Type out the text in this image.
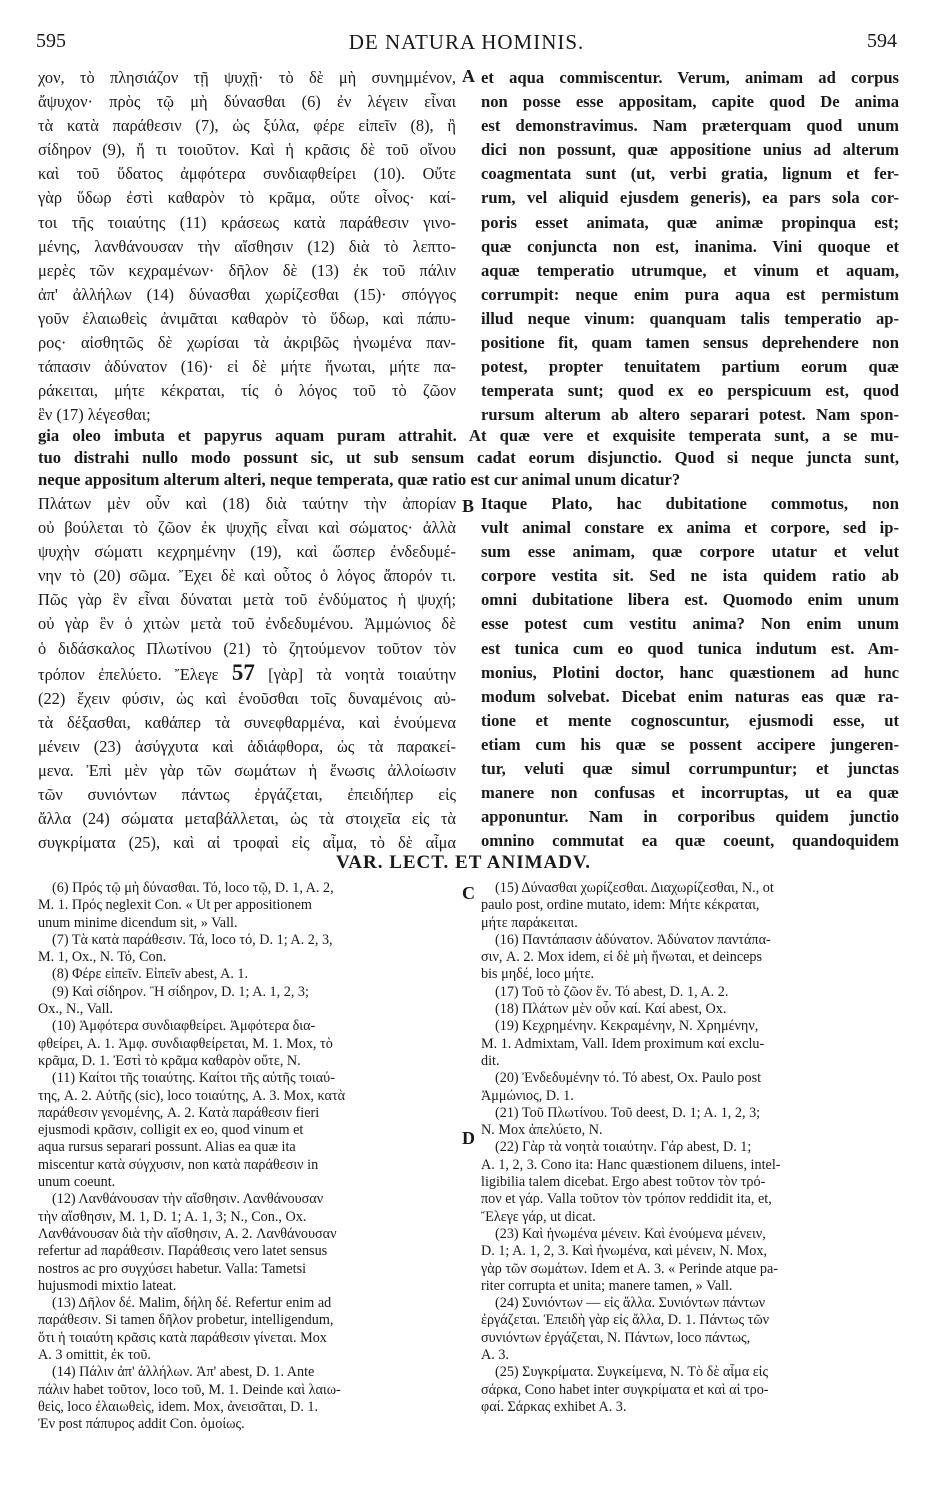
595	DE NATURA HOMINIS.	594
χον, τὸ πλησιάζον τῇ ψυχῇ· τὸ δὲ μὴ συνημμένον,
ἄψυχον· πρὸς τῷ μὴ δύνασθαι (6) ἐν λέγειν εἶναι
τὰ κατὰ παράθεσιν (7), ὡς ξύλα, φέρε εἰπεῖν (8), ἢ
σίδηρον (9), ἤ τι τοιοῦτον. Καὶ ἡ κρᾶσις δὲ τοῦ οἴνου
καὶ τοῦ ὕδατος ἀμφότερα συνδιαφθείρει (10). Οὔτε
γὰρ ὕδωρ ἐστὶ καθαρὸν τὸ κρᾶμα, οὔτε οἶνος· καί-
τοι τῆς τοιαύτης (11) κράσεως κατὰ παράθεσιν γινο-
μένης, λανθάνουσαν τὴν αἴσθησιν (12) διὰ τὸ λεπτο-
μερὲς τῶν κεχραμένων· δῆλον δὲ (13) ἐκ τοῦ πάλιν
ἀπ' ἀλλήλων (14) δύνασθαι χωρίζεσθαι (15)· σπόγγος
γοῦν ἐλαιωθεὶς ἀνιμᾶται καθαρὸν τὸ ὕδωρ, καὶ πάπυ-
ρος· αἰσθητῶς δὲ χωρίσαι τὰ ἀκριβῶς ἡνωμένα παν-
τάπασιν ἀδύνατον (16)· εἰ δὲ μήτε ἥνωται, μήτε πα-
ράκειται, μήτε κέκραται, τίς ὁ λόγος τοῦ τὸ ζῶον
ἓν (17) λέγεσθαι;
A et aqua commiscentur. Verum, animam ad corpus
non posse esse appositam, capite quod De anima
est demonstravimus. Nam præterquam quod unum
dici non possunt, quæ appositione unius ad alterum
coagmentata sunt (ut, verbi gratia, lignum et fer-
rum, vel aliquid ejusdem generis), ea pars sola cor-
poris esset animata, quæ animæ propinqua est;
quæ conjuncta non est, inanima. Vini quoque et
aquæ temperatio utrumque, et vinum et aquam,
corrumpit: neque enim pura aqua est permistum
illud neque vinum: quanquam talis temperatio ap-
positione fit, quam tamen sensus deprehendere non
potest, propter tenuitatem partium eorum quæ
temperata sunt; quod ex eo perspicuum est, quod
rursum alterum ab altero separari potest. Nam spon-
gia oleo imbuta et papyrus aquam puram attrahit. At quæ vere et exquisite temperata sunt, a se mu-
tuo distrahi nullo modo possunt sic, ut sub sensum cadat eorum disjunctio. Quod si neque juncta sunt,
neque appositum alterum alteri, neque temperata, quæ ratio est cur animal unum dicatur?
Πλάτων μὲν οὖν καὶ (18) διὰ ταύτην τὴν ἀπορίαν
οὐ βούλεται τὸ ζῶον ἐκ ψυχῆς εἶναι καὶ σώματος· ἀλλὰ
ψυχὴν σώματι κεχρημένην (19), καὶ ὥσπερ ἐνδεδυμέ-
νην τὸ (20) σῶμα. Ἔχει δὲ καὶ οὗτος ὁ λόγος ἄπορόν τι.
Πῶς γὰρ ἓν εἶναι δύναται μετὰ τοῦ ἐνδύματος ἡ ψυχή;
οὐ γὰρ ἓν ὁ χιτὼν μετὰ τοῦ ἐνδεδυμένου. Ἀμμώνιος δὲ
ὁ διδάσκαλος Πλωτίνου (21) τὸ ζητούμενον τοῦτον τὸν
τρόπον ἐπελύετο. Ἔλεγε 57 [γὰρ] τὰ νοητὰ τοιαύτην
(22) ἔχειν φύσιν, ὡς καὶ ἑνοῦσθαι τοῖς δυναμένοις αὐ-
τὰ δέξασθαι, καθάπερ τὰ συνεφθαρμένα, καὶ ἑνούμενα
μένειν (23) ἀσύγχυτα καὶ ἀδιάφθορα, ὡς τὰ παρακεί-
μενα. Ἐπὶ μὲν γὰρ τῶν σωμάτων ἡ ἕνωσις ἀλλοίωσιν
τῶν συνιόντων πάντως ἐργάζεται, ἐπειδήπερ εἰς
ἄλλα (24) σώματα μεταβάλλεται, ὡς τὰ στοιχεῖα εἰς τὰ
συγκρίματα (25), καὶ αἱ τροφαὶ εἰς αἷμα, τὸ δὲ αἷμα
B Itaque Plato, hac dubitatione commotus, non
vult animal constare ex anima et corpore, sed ip-
sum esse animam, quæ corpore utatur et velut
corpore vestita sit. Sed ne ista quidem ratio ab
omni dubitatione libera est. Quomodo enim unum
esse potest cum vestitu anima? Non enim unum
est tunica cum eo quod tunica indutum est. Am-
monius, Plotini doctor, hanc quæstionem ad hunc
modum solvebat. Dicebat enim naturas eas quæ ra-
tione et mente cognoscuntur, ejusmodi esse, ut
etiam cum his quæ se possent accipere jungeren-
tur, veluti quæ simul corrumpuntur; et junctas
manere non confusas et incorruptas, ut ea quæ
apponuntur. Nam in corporibus quidem junctio
omnino commutat ea quæ coeunt, quandoquidem
VAR. LECT. ET ANIMADV.
(6) Πρός τῷ μὴ δύνασθαι. Τό, loco τῷ, D. 1, A. 2,
M. 1. Πρός neglexit Con. « Ut per appositionem
unum minime dicendum sit, » Vall.
(7) Τὰ κατὰ παράθεσιν. Τά, loco τό, D. 1; A. 2, 3,
M. 1, Ox., N. Τό, Con.
(8) Φέρε εἰπεῖν. Εἰπεῖν abest, A. 1.
(9) Καὶ σίδηρον. Ἢ σίδηρον, D. 1; A. 1, 2, 3;
Ox., N., Vall.
(10) Ἀμφότερα συνδιαφθείρει. Ἀμφότερα δια-
φθείρει, A. 1. Ἀμφ. συνδιαφθείρεται, M. 1. Mox, τὸ
κρᾶμα, D. 1. Ἐστὶ τὸ κρᾶμα καθαρὸν οὔτε, N.
(11) Καίτοι τῆς τοιαύτης. Καίτοι τῆς αὐτῆς τοιαύ-
της, A. 2. Αὐτῆς (sic), loco τοιαύτης, A. 3. Mox, κατὰ
παράθεσιν γενομένης, A. 2. Κατὰ παράθεσιν fieri
ejusmodi κρᾶσιν, colligit ex eo, quod vinum et
aqua rursus separari possunt. Alias ea quæ ita
miscentur κατὰ σύγχυσιν, non κατὰ παράθεσιν in
unum coeunt.
(12) Λανθάνουσαν τὴν αἴσθησιν. Λανθάνουσαν
τὴν αἴσθησιν, M. 1, D. 1; A. 1, 3; N., Con., Ox.
Λανθάνουσαν διὰ τὴν αἴσθησιν, A. 2. Λανθάνουσαν
refertur ad παράθεσιν. Παράθεσις vero latet sensus
nostros ac pro συγχύσει habetur. Valla: Tametsi
hujusmodi mixtio lateat.
(13) Δῆλον δέ. Malim, δήλη δέ. Refertur enim ad
παράθεσιν. Si tamen δῆλον probetur, intelligendum,
ὅτι ἡ τοιαύτη κρᾶσις κατὰ παράθεσιν γίνεται. Mox
A. 3 omittit, ἐκ τοῦ.
(14) Πάλιν ἀπ' ἀλλήλων. Ἀπ' abest, D. 1. Ante
πάλιν habet τοῦτον, loco τοῦ, M. 1. Deinde καὶ λαιω-
θεὶς, loco ἐλαιωθεὶς, idem. Mox, ἀνεισᾶται, D. 1.
Ἐν post πάπυρος addit Con. ὁμοίως.
C
D
(15) Δύνασθαι χωρίζεσθαι. Διαχωρίζεσθαι, N., ot
paulo post, ordine mutato, idem: Μήτε κέκραται,
μήτε παράκειται.
(16) Παντάπασιν ἀδύνατον. Ἀδύνατον παντάπα-
σιν, A. 2. Mox idem, εἰ δὲ μὴ ἥνωται, et deinceps
bis μηδέ, loco μήτε.
(17) Τοῦ τὸ ζῶον ἕν. Τό abest, D. 1, A. 2.
(18) Πλάτων μὲν οὖν καί. Καί abest, Ox.
(19) Κεχρημένην. Κεκραμένην, N. Χρημένην,
M. 1. Admixtam, Vall. Idem proximum καί exclu-
dit.
(20) Ἐνδεδυμένην τό. Τό abest, Ox. Paulo post
Ἀμμώνιος, D. 1.
(21) Τοῦ Πλωτίνου. Τοῦ deest, D. 1; A. 1, 2, 3;
N. Mox ἀπελύετο, N.
(22) Γὰρ τὰ νοητὰ τοιαύτην. Γάρ abest, D. 1;
A. 1, 2, 3. Cono ita: Hanc quæstionem diluens, intel-
ligibilia talem dicebat. Ergo abest τοῦτον τὸν τρό-
πον et γάρ. Valla τοῦτον τὸν τρόπον reddidit ita, et,
Ἔλεγε γάρ, ut dicat.
(23) Καὶ ἡνωμένα μένειν. Καὶ ἑνούμενα μένειν,
D. 1; A. 1, 2, 3. Καὶ ἡνωμένα, καὶ μένειν, N. Mox,
γὰρ τῶν σωμάτων. Idem et A. 3. « Perinde atque pa-
riter corrupta et unita; manere tamen, » Vall.
(24) Συνιόντων — εἰς ἄλλα. Συνιόντων πάντων
ἐργάζεται. Ἐπειδὴ γὰρ εἰς ἄλλα, D. 1. Πάντως τῶν
συνιόντων ἐργάζεται, N. Πάντων, loco πάντως,
A. 3.
(25) Συγκρίματα. Συγκείμενα, N. Τὸ δὲ αἷμα εἰς
σάρκα, Cono habet inter συγκρίματα et καὶ αἱ τρο-
φαί. Σάρκας exhibet A. 3.
